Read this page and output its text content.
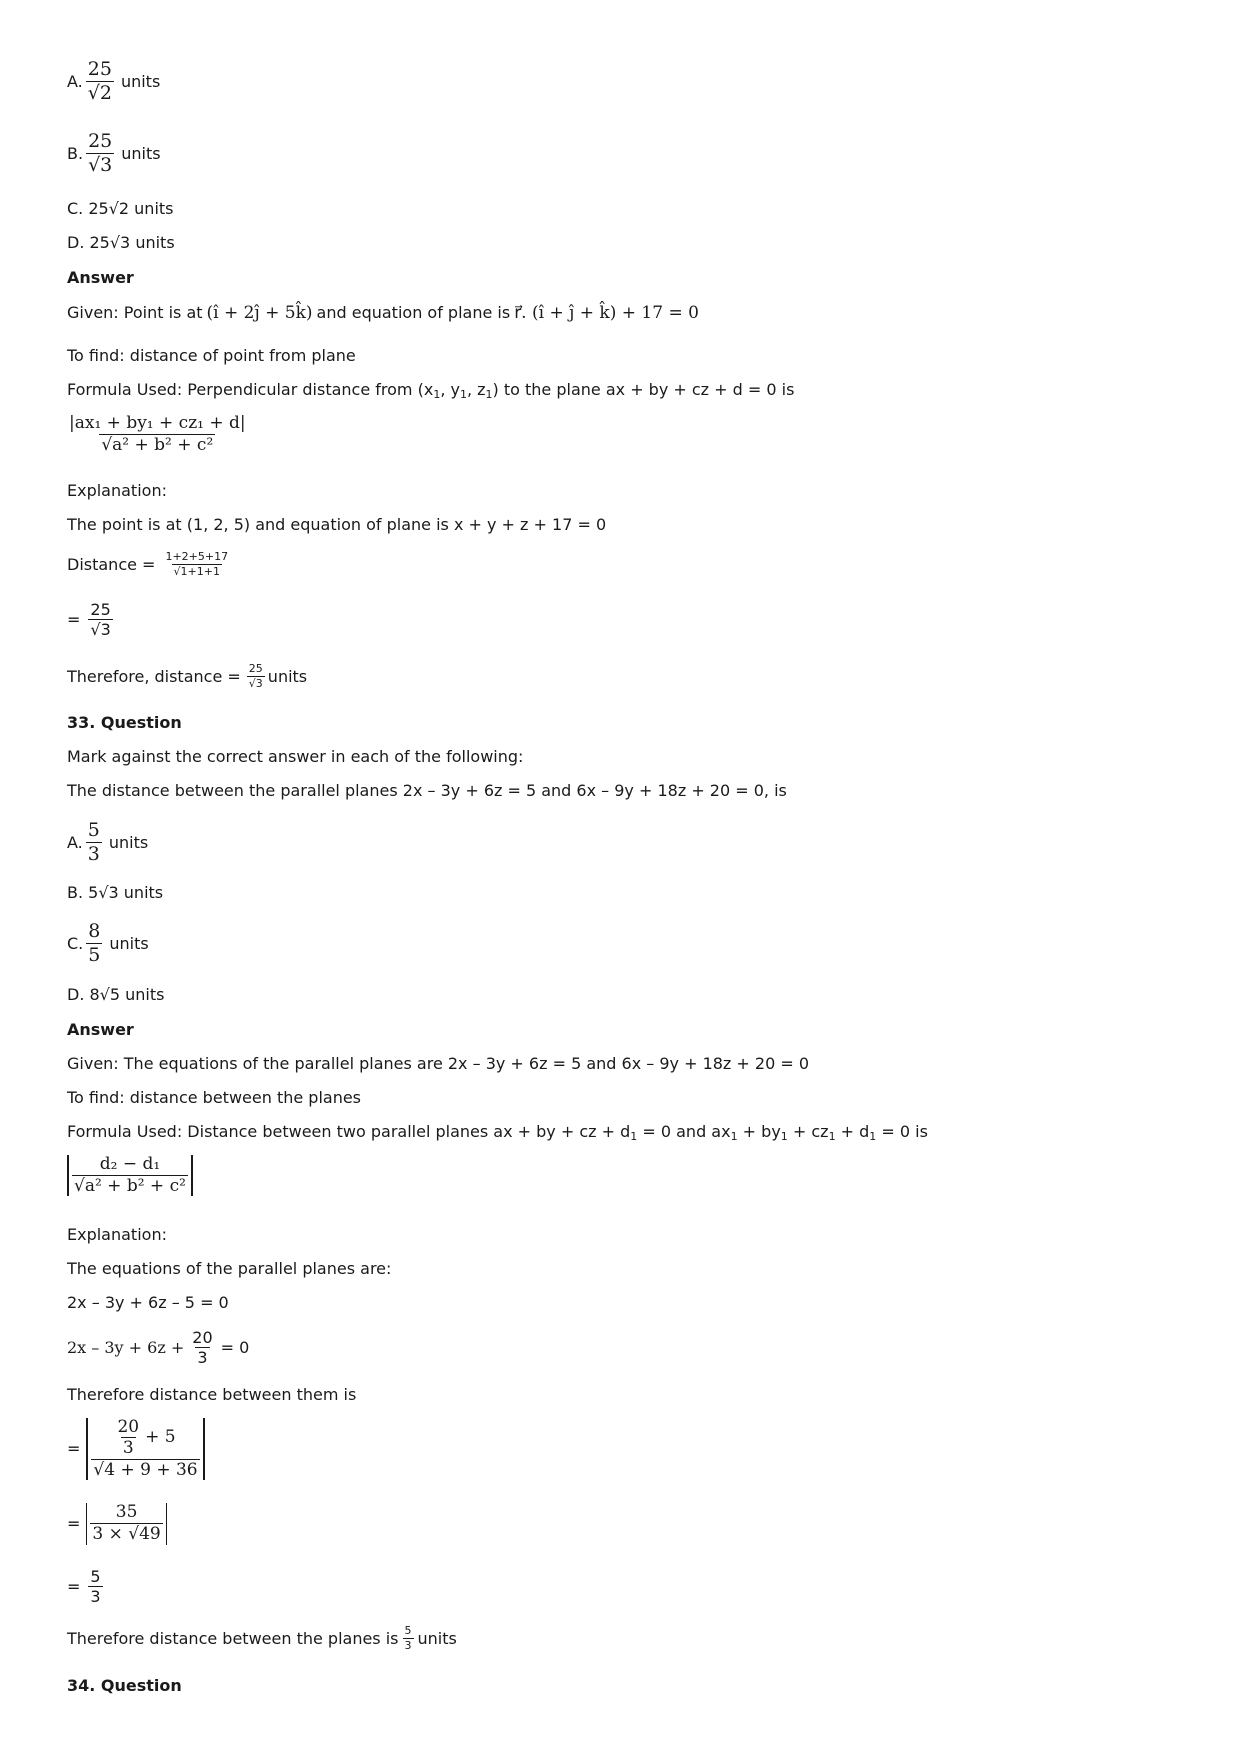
A. $\frac{25}{√2}$ units
B. $\frac{25}{√3}$ units
C. 25√2 units
D. 25√3 units
Answer
Given: Point is at (î + 2ĵ + 5k̂) and equation of plane is r⃗. (î + ĵ + k̂) + 17 = 0
To find: distance of point from plane
Formula Used: Perpendicular distance from ($x_1$, $y_1$, $z_1$) to the plane ax + by + cz + d = 0 is
$\frac{\text{|ax₁ + by₁ + cz₁ + d|}}{\text{√a² + b² + c²}}$
Explanation:
The point is at (1, 2, 5) and equation of plane is x + y + z + 17 = 0
Distance = $\frac{1+2+5+17}{√1+1+1}$
= $\frac{25}{√3}$
Therefore, distance = $\frac{25}{√3}$ units
33. Question
Mark against the correct answer in each of the following:
The distance between the parallel planes 2x – 3y + 6z = 5 and 6x – 9y + 18z + 20 = 0, is
A. $\frac{5}{3}$ units
B. 5√3 units
C. $\frac{8}{5}$ units
D. 8√5 units
Answer
Given: The equations of the parallel planes are 2x – 3y + 6z = 5 and 6x – 9y + 18z + 20 = 0
To find: distance between the planes
Formula Used: Distance between two parallel planes ax + by + cz + $d_1 = 0$ and $ax_1 + by_1 + cz_1 + d_1 = 0$ is
$\frac{\text{d₂ − d₁}}{\text{√a² + b² + c²}}$
Explanation:
The equations of the parallel planes are:
2x – 3y + 6z – 5 = 0
$2x - 3y + 6z + \frac{20}{3} = 0$
Therefore distance between them is
= $\frac{\frac{20}{3} + 5}{√4 + 9 + 36}$
= $\frac{35}{3 \times √49}$
= $\frac{5}{3}$
Therefore distance between the planes is $\frac{5}{3}$ units
34. Question
